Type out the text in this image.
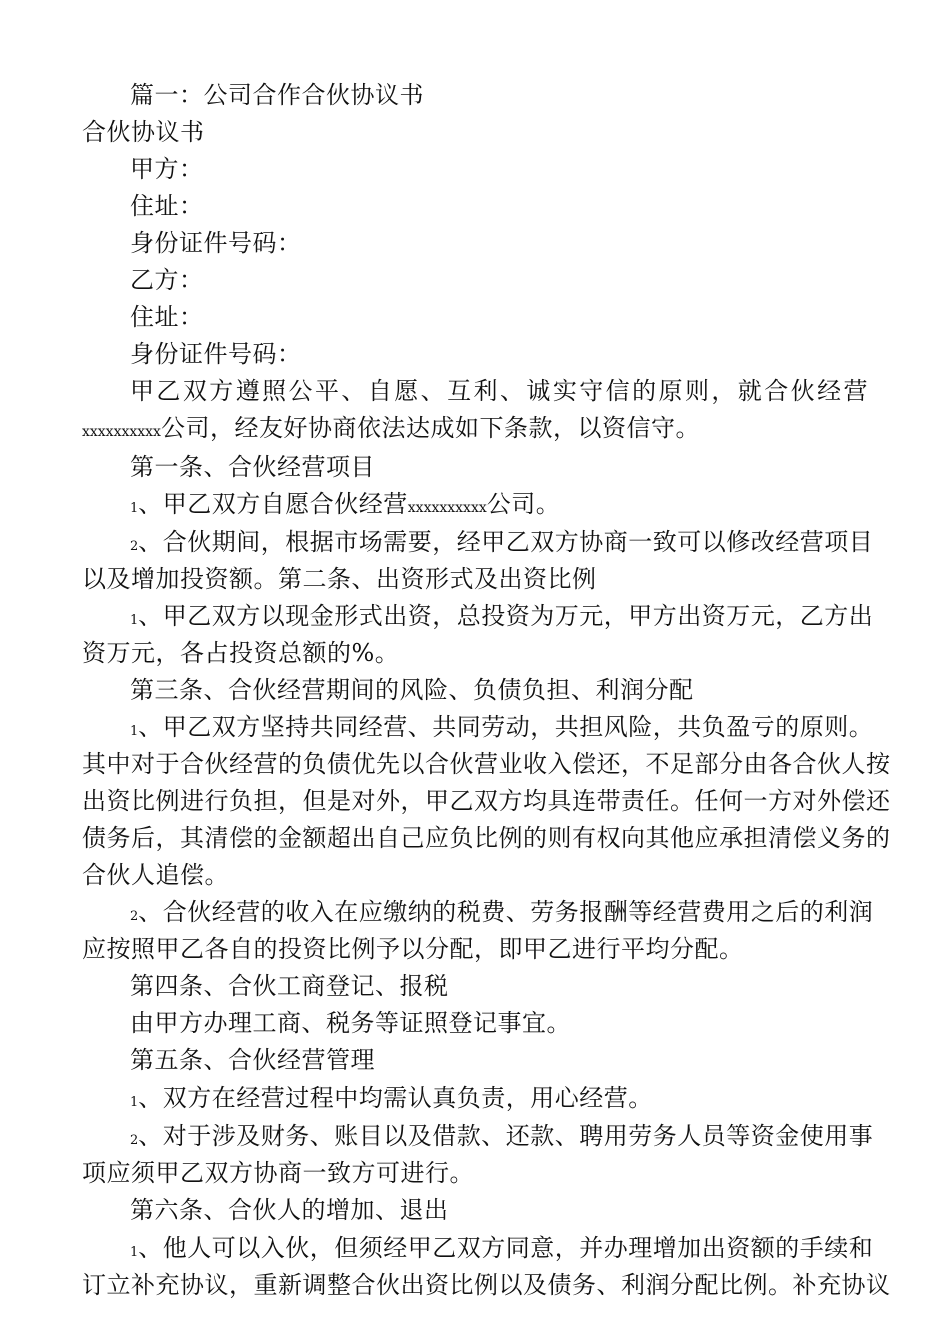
篇一：公司合作合伙协议书
合伙协议书
甲方：
住址：
身份证件号码：
乙方：
住址：
身份证件号码：
甲乙双方遵照公平、自愿、互利、诚实守信的原则，就合伙经营
xxxxxxxxxx公司，经友好协商依法达成如下条款，以资信守。
第一条、合伙经营项目
1、甲乙双方自愿合伙经营xxxxxxxxxx公司。
2、合伙期间，根据市场需要，经甲乙双方协商一致可以修改经营项目
以及增加投资额。第二条、出资形式及出资比例
1、甲乙双方以现金形式出资，总投资为万元，甲方出资万元，乙方出
资万元，各占投资总额的%。
第三条、合伙经营期间的风险、负债负担、利润分配
1、甲乙双方坚持共同经营、共同劳动，共担风险，共负盈亏的原则。
其中对于合伙经营的负债优先以合伙营业收入偿还，不足部分由各合伙人按
出资比例进行负担，但是对外，甲乙双方均具连带责任。任何一方对外偿还
债务后，其清偿的金额超出自己应负比例的则有权向其他应承担清偿义务的
合伙人追偿。
2、合伙经营的收入在应缴纳的税费、劳务报酬等经营费用之后的利润
应按照甲乙各自的投资比例予以分配，即甲乙进行平均分配。
第四条、合伙工商登记、报税
由甲方办理工商、税务等证照登记事宜。
第五条、合伙经营管理
1、双方在经营过程中均需认真负责，用心经营。
2、对于涉及财务、账目以及借款、还款、聘用劳务人员等资金使用事
项应须甲乙双方协商一致方可进行。
第六条、合伙人的增加、退出
1、他人可以入伙，但须经甲乙双方同意，并办理增加出资额的手续和
订立补充协议，重新调整合伙出资比例以及债务、利润分配比例。补充协议
